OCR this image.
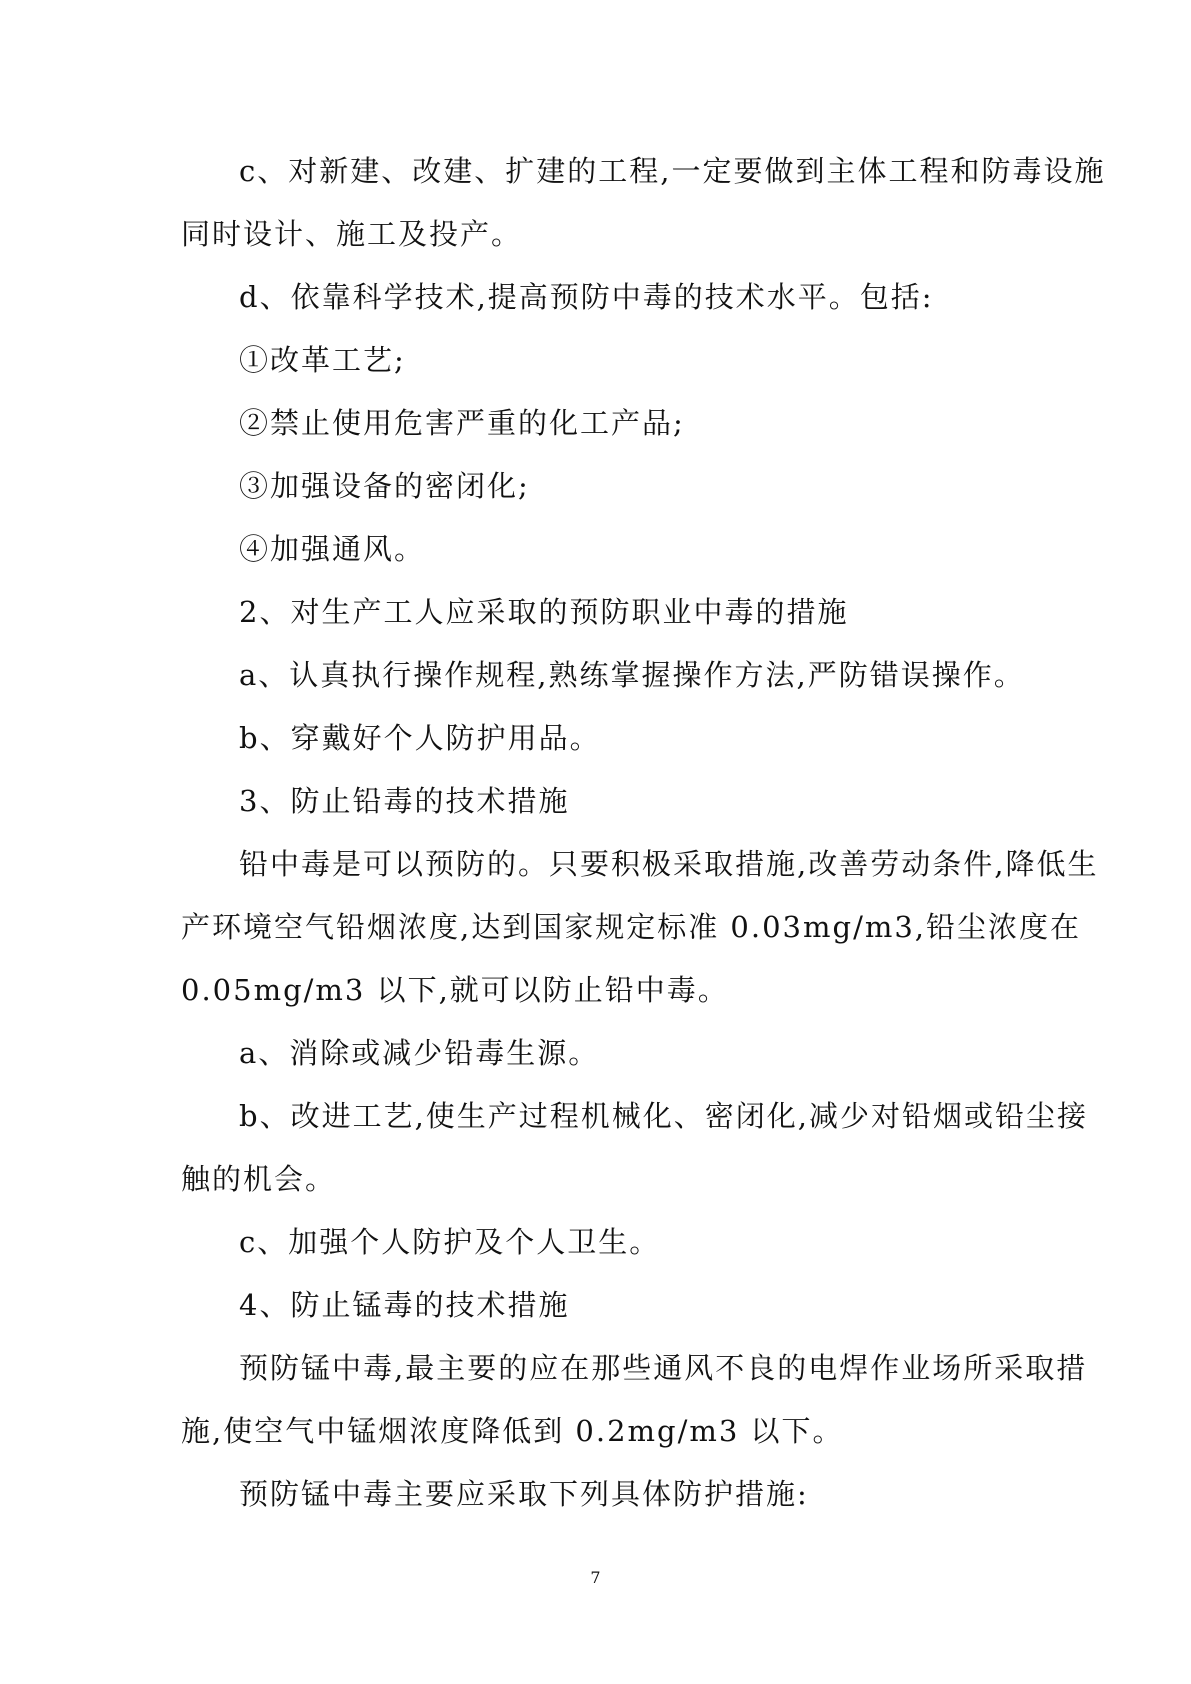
c、对新建、改建、扩建的工程,一定要做到主体工程和防毒设施

同时设计、施工及投产。

d、依靠科学技术,提高预防中毒的技术水平。包括:

①改革工艺;

②禁止使用危害严重的化工产品;

③加强设备的密闭化;

④加强通风。

2、对生产工人应采取的预防职业中毒的措施

a、认真执行操作规程,熟练掌握操作方法,严防错误操作。

b、穿戴好个人防护用品。

3、防止铅毒的技术措施

铅中毒是可以预防的。只要积极采取措施,改善劳动条件,降低生

产环境空气铅烟浓度,达到国家规定标准 0.03mg/m3,铅尘浓度在

0.05mg/m3 以下,就可以防止铅中毒。

a、消除或减少铅毒生源。

b、改进工艺,使生产过程机械化、密闭化,减少对铅烟或铅尘接

触的机会。

c、加强个人防护及个人卫生。

4、防止锰毒的技术措施

预防锰中毒,最主要的应在那些通风不良的电焊作业场所采取措

施,使空气中锰烟浓度降低到 0.2mg/m3 以下。

预防锰中毒主要应采取下列具体防护措施:

7
